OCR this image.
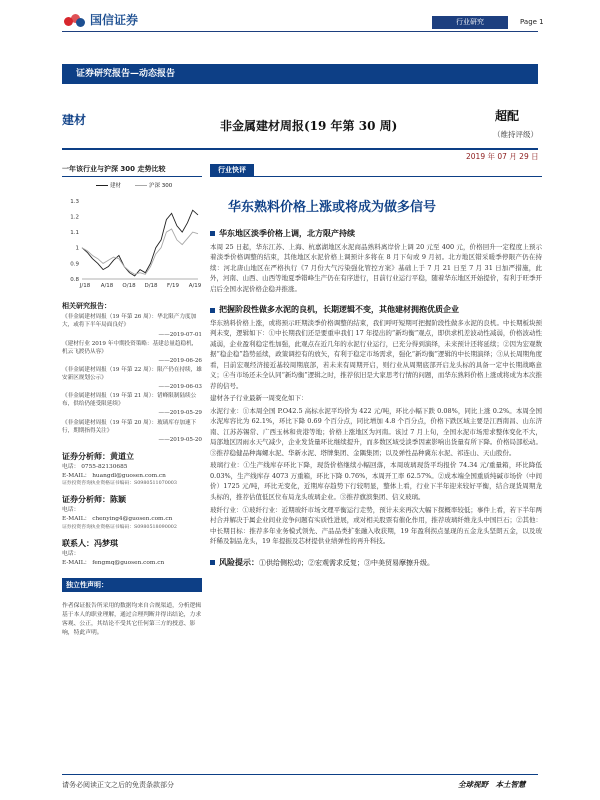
国信证券	行业研究	Page 1
证券研究报告—动态报告
建材	非金属建材周报(19 年第 30 周)
超配
（维持评级）
2019 年 07 月 29 日
一年该行业与沪深 300 走势比较
建材	沪深 300
0.8
0.9
1
1.1
1.2
1.3
J/18 A/18 O/18 D/18 F/19 A/19
相关研究报告：
《非金属建材周报（19 年第 26 周）：华北限产力度加大，或将下半年局面良好》
——2019-07-01
《建材行业 2019 年中期投资策略：基建总量趋稳机，机云飞渡仍从容》
——2019-06-26
《非金属建材周报（19 年第 22 周）：限产仍在持续，雄安新区规划公示》
——2019-06-03
《非金属建材周报（19 年第 21 周）：错峰限制陆续公布，供给仍能受限延续》
——2019-05-29
《非金属建材周报（19 年第 20 周）：玻璃库存加速下行，期期指得关注》
——2019-05-20
证券分析师：黄道立
电话： 0755-82130685
E-MAIL： huangdl@guosen.com.cn
证券投资咨询执业资格证书编码：S0980511070003
证券分析师：陈颖
电话：
E-MAIL： chenying4@guosen.com.cn
证券投资咨询执业资格证书编码：S0980518090002
联系人：冯梦琪
电话：
E-MAIL： fengmq@guosen.com.cn
独立性声明：
作者保证报告所采用的数据均来自合规渠道，分析逻辑基于本人的职业理解，通过合理判断并得出结论，力求客观、公正，其结论不受其它任何第三方的授意、影响，特此声明。
行业快评
华东熟料价格上涨或将成为做多信号
华东地区淡季价格上调，北方限产持续
本周 25 日起，华东江苏、上海、杭嘉湖地区水泥商品熟料离岸价上调 20 元至 400 元，价格回升一定程度上预示着淡季价格调整的结束，其他地区水泥价格上调预计多将在 8 月下旬或 9 月初。北方地区错采暖季停限产仍在持续：河北唐山地区在严格执行《7 月份大气污染强化管控方案》基础上于 7 月 21 日至 7 月 31 日加严措施，此外，河南、山西、山西等地夏季错峰生产仍在有序进行，目前行业运行平稳，随着华东地区开始提价，有利于旺季开启后全国水泥价格企稳并推涨。
把握阶段性做多水泥的良机，长期逻辑不变，其他建材拥抱优质企业
华东熟料价格上涨，或将预示旺期淡季价格调整的结束，我们呼吁短期可把握阶段性做多水泥的良机。中长期板块预判未变，逻辑如下：①中长期我们还是要重申我们 17 年提出的“新均衡”观点，即供求机差波动性减弱，价格波动性减弱，企业盈利稳定性加强，此观点在近几年的水泥行业运行，已充分得到演绎，未来预计还将延续；②因为宏观数据“稳企稳”趋势延续，政策调控有的放矢，有利于稳定市场需求，强化“新均衡”逻辑的中长期演绎；③从长周期角度看，目前宏观经济接近基较周期底部，若未来有周期开启，则行业从周期底部开启龙头标的具备一定中长期战略意义；④当市场还未全认同“新均衡”逻辑之时，推荐依旧是大家思考行情的问题，而华东熟料价格上涨或将成为本次推荐的信号。
建材各子行业最新一周变化如下：
水泥行业：①本周全国 P.O42.5 高标水泥平均价为 422 元/吨，环比小幅下跌 0.08%，同比上涨 0.2%。本周全国水泥库容比为 62.1%，环比下降 0.69 个百分点，同比增加 4.8 个百分点，价格下跌区域主要是江西南昌、山东济南、江苏苏锡常、广西玉林和贵港等地；价格上涨地区为河南。该过 7 月上旬，全国水泥市场需求整体变化不大，局部地区因雨水天气减少，企业发货量环比继续提升，而多数区域受淡季因素影响出货量有所下降。价格局部松动。③推荐稳健品种海螺水泥、华新水泥、塔牌集团、金隅集团；以及弹性品种冀东水泥、祁连山、天山股份。
玻璃行业：①生产线库存环比下降，现货价格继续小幅回落，本周玻璃现货平均报价 74.34 元/重量箱，环比降低 0.03%，生产线库存 4073 万重箱，环比下降 0.76%，本周开工率 62.57%。②成本端全国重质纯碱市场价（中间价）1725 元/吨，环比无变化，近期库存趋势下行较明显，整体上看，行业下半年迎来较好平衡，结合现货周期龙头标的，推荐估值低区位布局龙头玻璃企业。③推荐旗滨集团、信义玻璃。
玻纤行业：①玻纤行业：近期玻纤市场文理平衡运行走势，预计未来再次大幅下探概率较低；事件上看，若下半年两村合并解决于属企业间业竞争问题有实质性进展，或对相关股票有催化作用，推荐玻璃纤维龙头中国巨石；②其他：中长期目标：推荐多年业务模式领先、产品品类扩张融入收获期，19 年盈利拐点显现的五金龙头坚朗五金，以及玻纤稀及制品龙头，19 年提振及芯材提供业绩弹性的再升科技。
风险提示：①供给侧松动；②宏观需求反复；③中美贸易摩擦升级。
请务必阅读正文之后的免责条款部分	全球视野　本土智慧
